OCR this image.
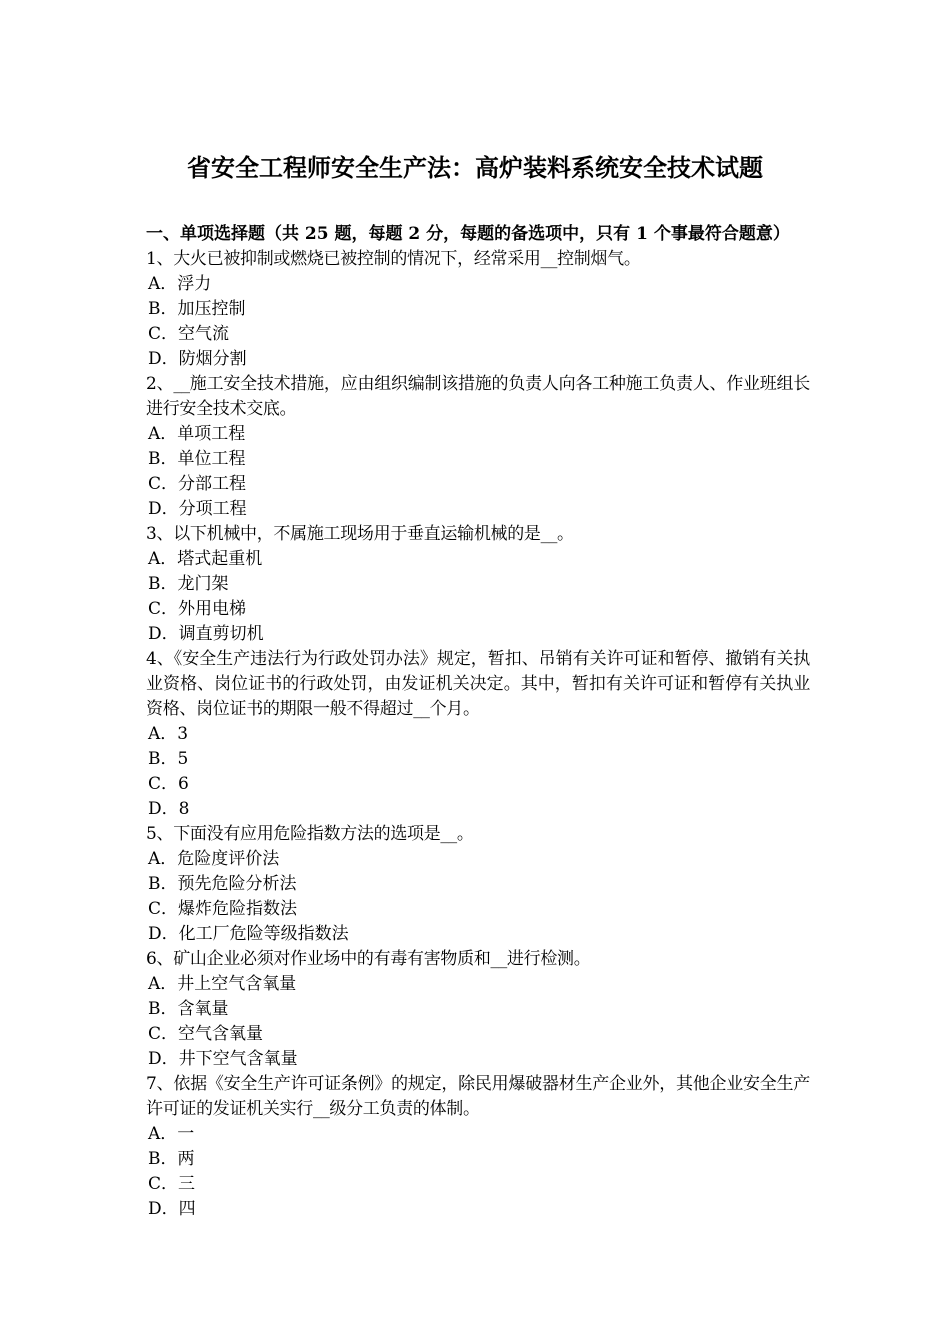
省安全工程师安全生产法：高炉装料系统安全技术试题
一、单项选择题（共 25 题，每题 2 分，每题的备选项中，只有 1 个事最符合题意）
1、大火已被抑制或燃烧已被控制的情况下，经常采用__控制烟气。
A．浮力
B．加压控制
C．空气流
D．防烟分割
2、__施工安全技术措施，应由组织编制该措施的负责人向各工种施工负责人、作业班组长进行安全技术交底。
A．单项工程
B．单位工程
C．分部工程
D．分项工程
3、以下机械中，不属施工现场用于垂直运输机械的是__。
A．塔式起重机
B．龙门架
C．外用电梯
D．调直剪切机
4、《安全生产违法行为行政处罚办法》规定，暂扣、吊销有关许可证和暂停、撤销有关执业资格、岗位证书的行政处罚，由发证机关决定。其中，暂扣有关许可证和暂停有关执业资格、岗位证书的期限一般不得超过__个月。
A．3
B．5
C．6
D．8
5、下面没有应用危险指数方法的选项是__。
A．危险度评价法
B．预先危险分析法
C．爆炸危险指数法
D．化工厂危险等级指数法
6、矿山企业必须对作业场中的有毒有害物质和__进行检测。
A．井上空气含氧量
B．含氧量
C．空气含氧量
D．井下空气含氧量
7、依据《安全生产许可证条例》的规定，除民用爆破器材生产企业外，其他企业安全生产许可证的发证机关实行__级分工负责的体制。
A．一
B．两
C．三
D．四
